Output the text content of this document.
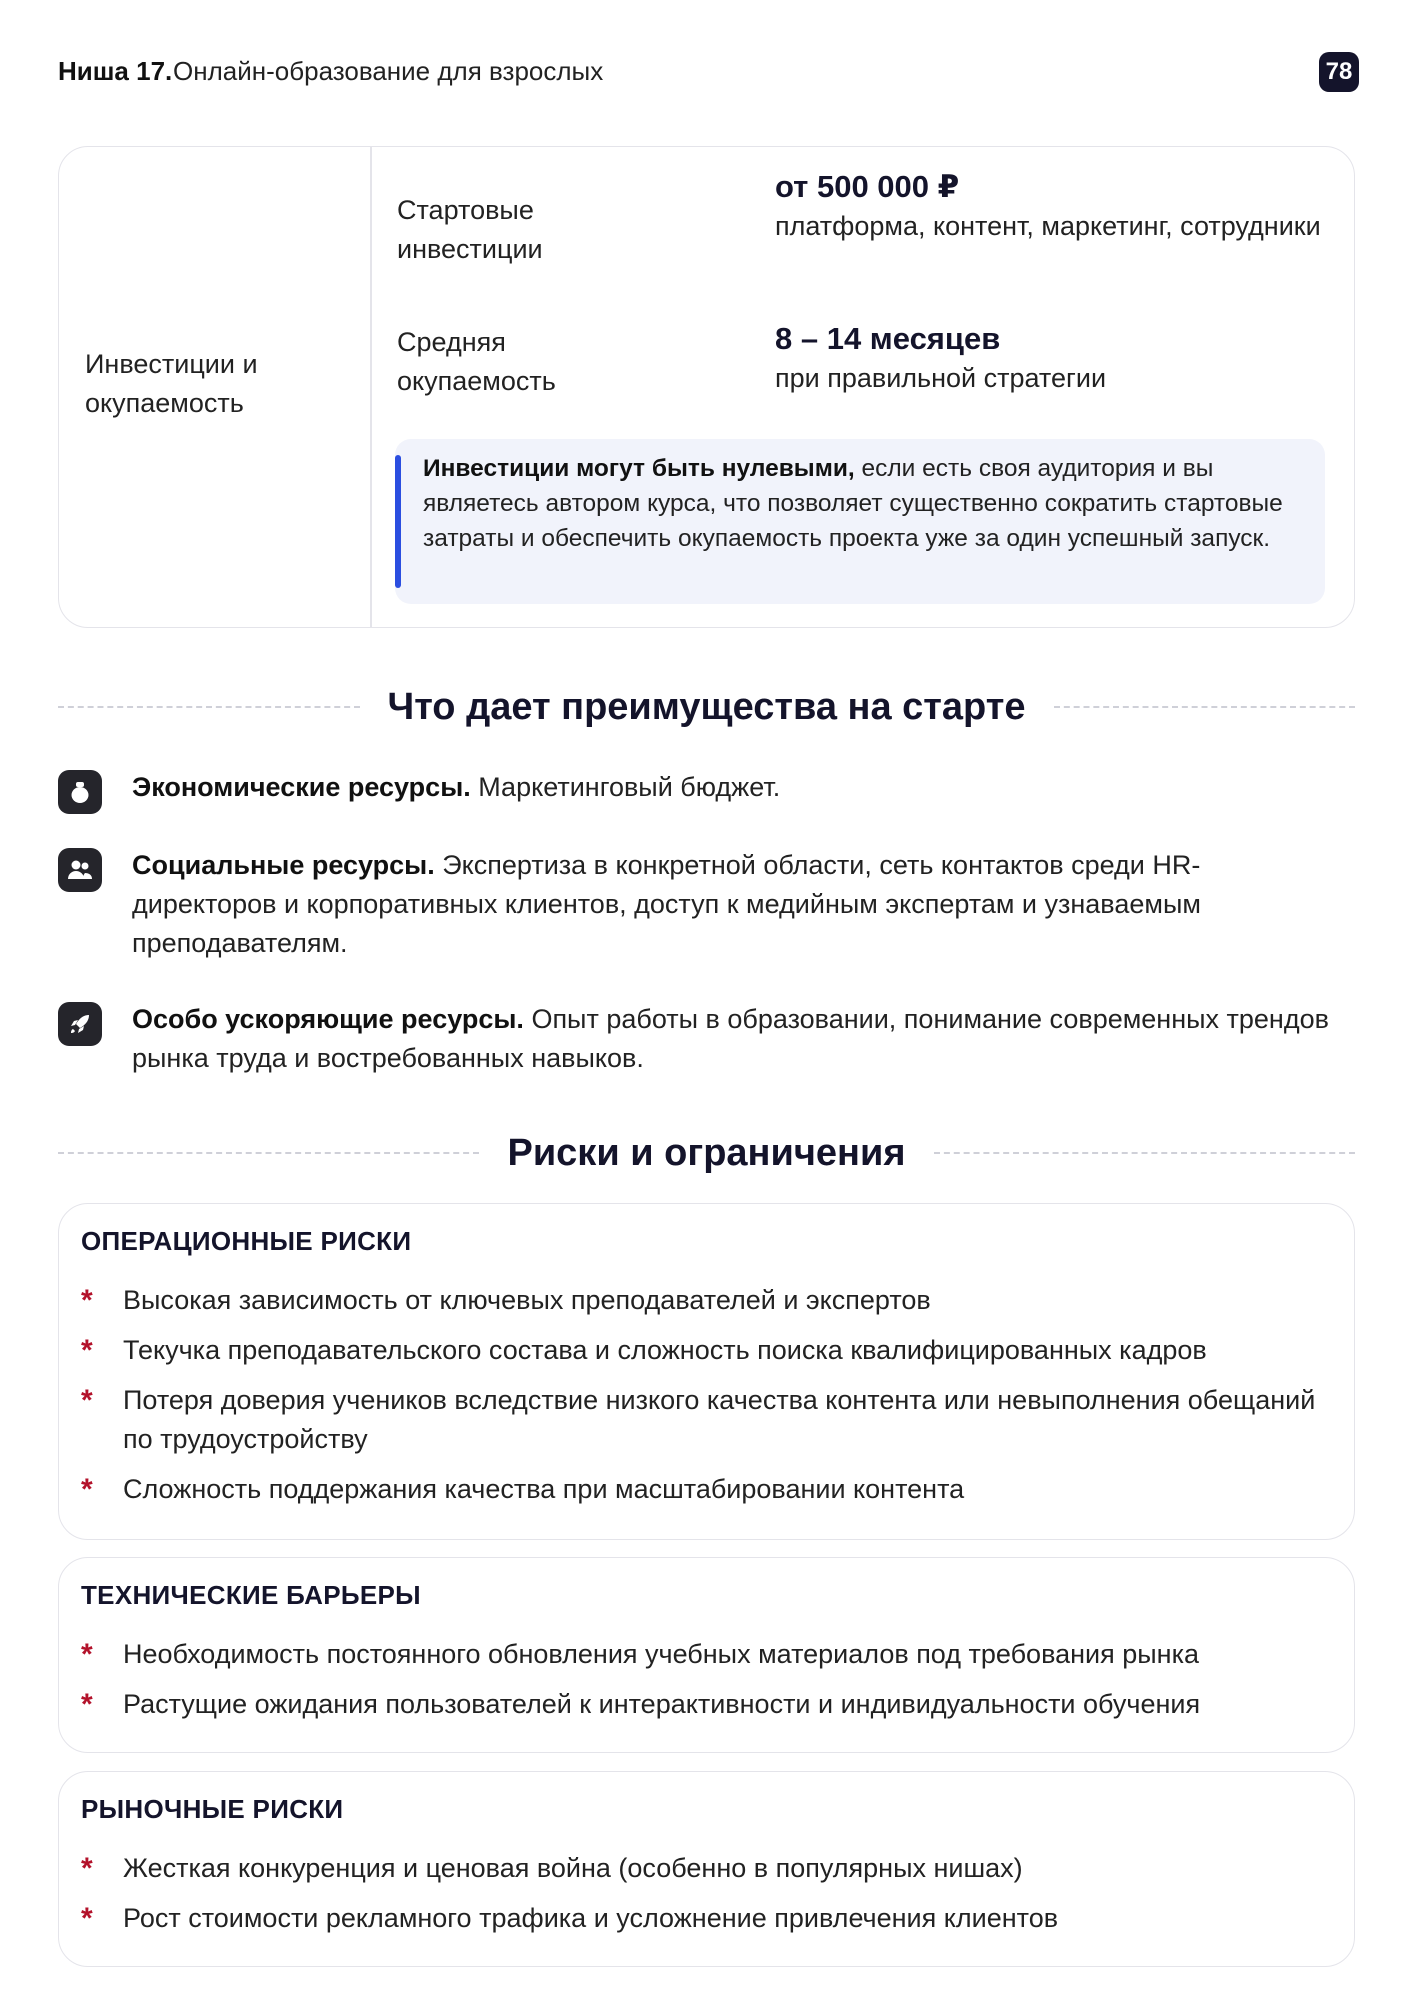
Ниша 17. Онлайн-образование для взрослых	78
Инвестиции и окупаемость
Стартовые инвестиции
от 500 000 ₽
платформа, контент, маркетинг, сотрудники
Средняя окупаемость
8 – 14 месяцев
при правильной стратегии
Инвестиции могут быть нулевыми, если есть своя аудитория и вы являетесь автором курса, что позволяет существенно сократить стартовые затраты и обеспечить окупаемость проекта уже за один успешный запуск.
Что дает преимущества на старте
Экономические ресурсы. Маркетинговый бюджет.
Социальные ресурсы. Экспертиза в конкретной области, сеть контактов среди HR-директоров и корпоративных клиентов, доступ к медийным экспертам и узнаваемым преподавателям.
Особо ускоряющие ресурсы. Опыт работы в образовании, понимание современных трендов рынка труда и востребованных навыков.
Риски и ограничения
ОПЕРАЦИОННЫЕ РИСКИ
* Высокая зависимость от ключевых преподавателей и экспертов
* Текучка преподавательского состава и сложность поиска квалифицированных кадров
* Потеря доверия учеников вследствие низкого качества контента или невыполнения обещаний по трудоустройству
* Сложность поддержания качества при масштабировании контента
ТЕХНИЧЕСКИЕ БАРЬЕРЫ
* Необходимость постоянного обновления учебных материалов под требования рынка
* Растущие ожидания пользователей к интерактивности и индивидуальности обучения
РЫНОЧНЫЕ РИСКИ
* Жесткая конкуренция и ценовая война (особенно в популярных нишах)
* Рост стоимости рекламного трафика и усложнение привлечения клиентов
